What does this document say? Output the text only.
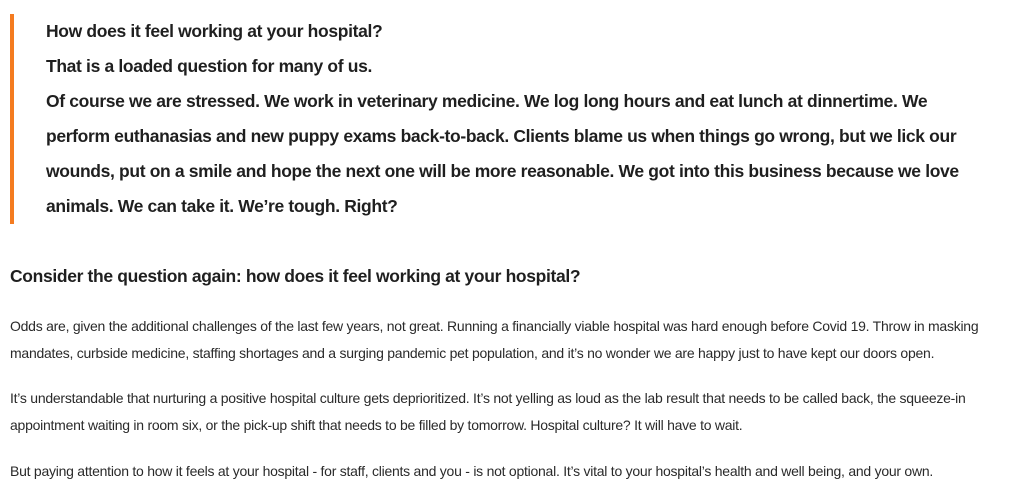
How does it feel working at your hospital?

That is a loaded question for many of us.

Of course we are stressed. We work in veterinary medicine. We log long hours and eat lunch at dinnertime. We perform euthanasias and new puppy exams back-to-back. Clients blame us when things go wrong, but we lick our wounds, put on a smile and hope the next one will be more reasonable. We got into this business because we love animals. We can take it. We’re tough. Right?

Consider the question again: how does it feel working at your hospital?

Odds are, given the additional challenges of the last few years, not great. Running a financially viable hospital was hard enough before Covid 19. Throw in masking mandates, curbside medicine, staffing shortages and a surging pandemic pet population, and it’s no wonder we are happy just to have kept our doors open.

It’s understandable that nurturing a positive hospital culture gets deprioritized. It’s not yelling as loud as the lab result that needs to be called back, the squeeze-in appointment waiting in room six, or the pick-up shift that needs to be filled by tomorrow. Hospital culture? It will have to wait.

But paying attention to how it feels at your hospital - for staff, clients and you - is not optional. It’s vital to your hospital’s health and well being, and your own.
